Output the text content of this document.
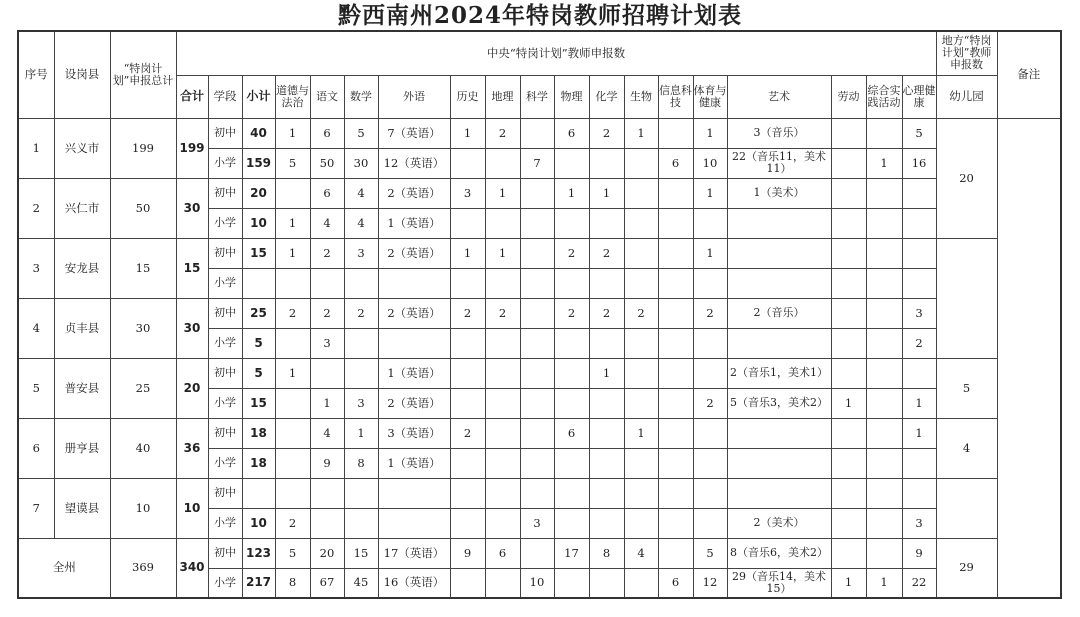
黔西南州2024年特岗教师招聘计划表
序号	设岗县	“特岗计划”申报总计	中央“特岗计划”教师申报数																			地方“特岗计划”教师申报数	备注
			合计	学段	小计	道德与法治	语文	数学	外语	历史	地理	科学	物理	化学	生物	信息科技	体育与健康	艺术	劳动	综合实践活动	心理健康	幼儿园	
1	兴义市	199	199	初中	40	1	6	5	7（英语）	1	2		6	2	1		1	3（音乐）			5	20	
				小学	159	5	50	30	12（英语）			7				6	10	22（音乐11，美术11）		1	16		
2	兴仁市	50	30	初中	20		6	4	2（英语）	3	1		1	1			1	1（美术）					
				小学	10	1	4	4	1（英语）														
3	安龙县	15	15	初中	15	1	2	3	2（英语）	1	1		2	2			1						
				小学																			
4	贞丰县	30	30	初中	25	2	2	2	2（英语）	2	2		2	2	2		2	2（音乐）			3		
				小学	5		3														2		
5	普安县	25	20	初中	5	1			1（英语）					1				2（音乐1，美术1）				5	
				小学	15		1	3	2（英语）								2	5（音乐3，美术2）	1		1		
6	册亨县	40	36	初中	18		4	1	3（英语）	2			6		1						1	4	
				小学	18		9	8	1（英语）														
7	望谟县	10	10	初中																			
				小学	10	2						3						2（美术）			3		
全州		369	340	初中	123	5	20	15	17（英语）	9	6		17	8	4		5	8（音乐6，美术2）			9	29	
				小学	217	8	67	45	16（英语）			10				6	12	29（音乐14，美术15）	1	1	22		
